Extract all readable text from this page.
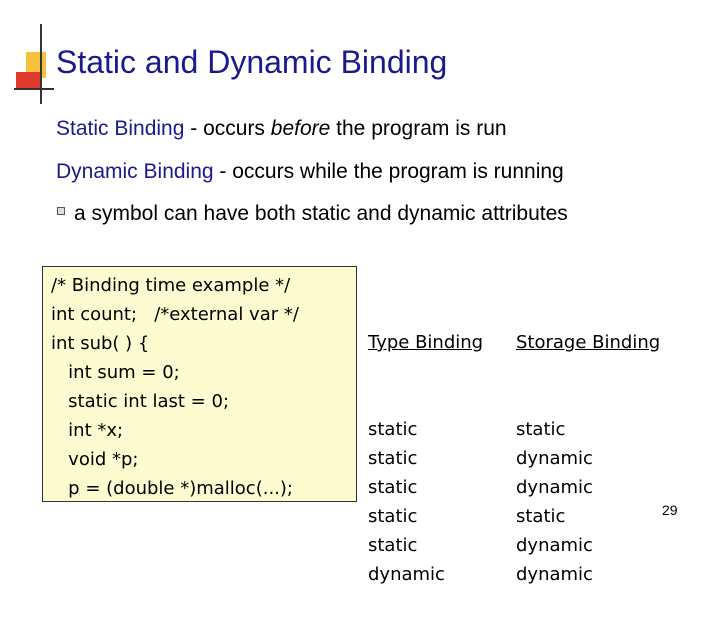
Static and Dynamic Binding
Static Binding - occurs before the program is run
Dynamic Binding - occurs while the program is running
a symbol can have both static and dynamic attributes
/* Binding time example */
int count;   /*external var */
int sub( ) {
int sum = 0;
static int last = 0;
int *x;
void *p;
p = (double *)malloc(...);

Type Binding

static
static
static
static
static
dynamic

Storage Binding

static
dynamic
dynamic
static
dynamic
dynamic

29
